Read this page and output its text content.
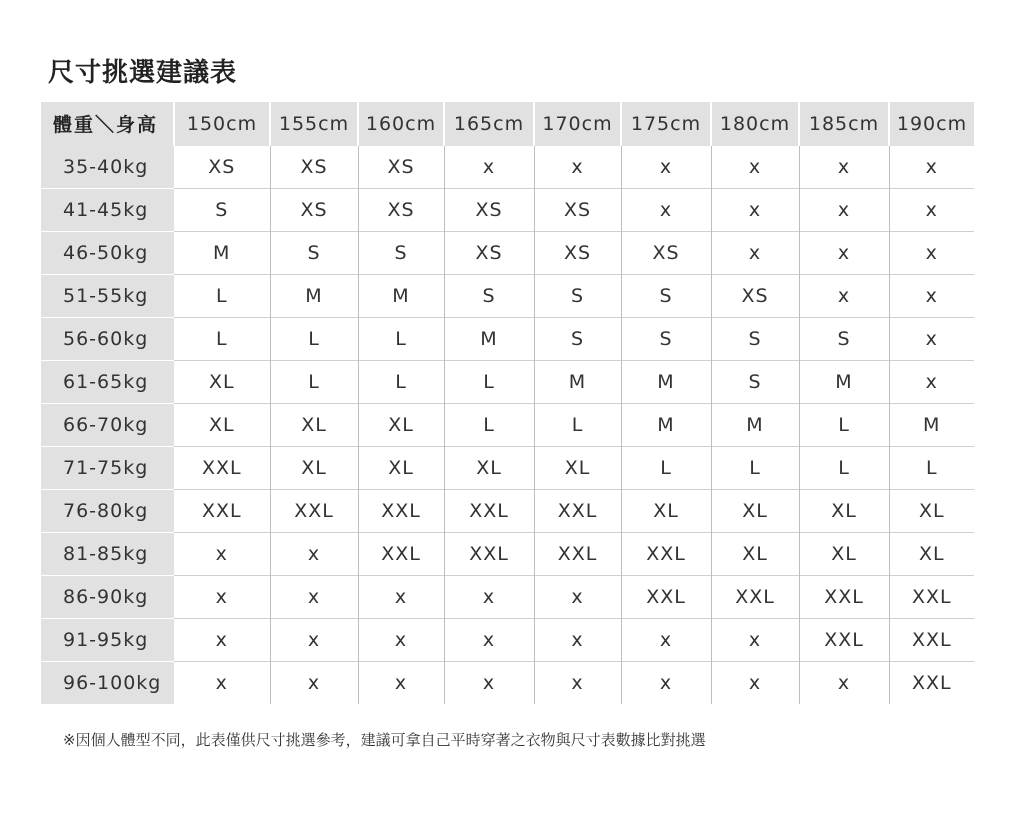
尺寸挑選建議表
體重＼身高	150cm	155cm	160cm	165cm	170cm	175cm	180cm	185cm	190cm
35-40kg	XS	XS	XS	x	x	x	x	x	x
41-45kg	S	XS	XS	XS	XS	x	x	x	x
46-50kg	M	S	S	XS	XS	XS	x	x	x
51-55kg	L	M	M	S	S	S	XS	x	x
56-60kg	L	L	L	M	S	S	S	S	x
61-65kg	XL	L	L	L	M	M	S	M	x
66-70kg	XL	XL	XL	L	L	M	M	L	M
71-75kg	XXL	XL	XL	XL	XL	L	L	L	L
76-80kg	XXL	XXL	XXL	XXL	XXL	XL	XL	XL	XL
81-85kg	x	x	XXL	XXL	XXL	XXL	XL	XL	XL
86-90kg	x	x	x	x	x	XXL	XXL	XXL	XXL
91-95kg	x	x	x	x	x	x	x	XXL	XXL
96-100kg	x	x	x	x	x	x	x	x	XXL
※因個人體型不同，此表僅供尺寸挑選參考，建議可拿自己平時穿著之衣物與尺寸表數據比對挑選
